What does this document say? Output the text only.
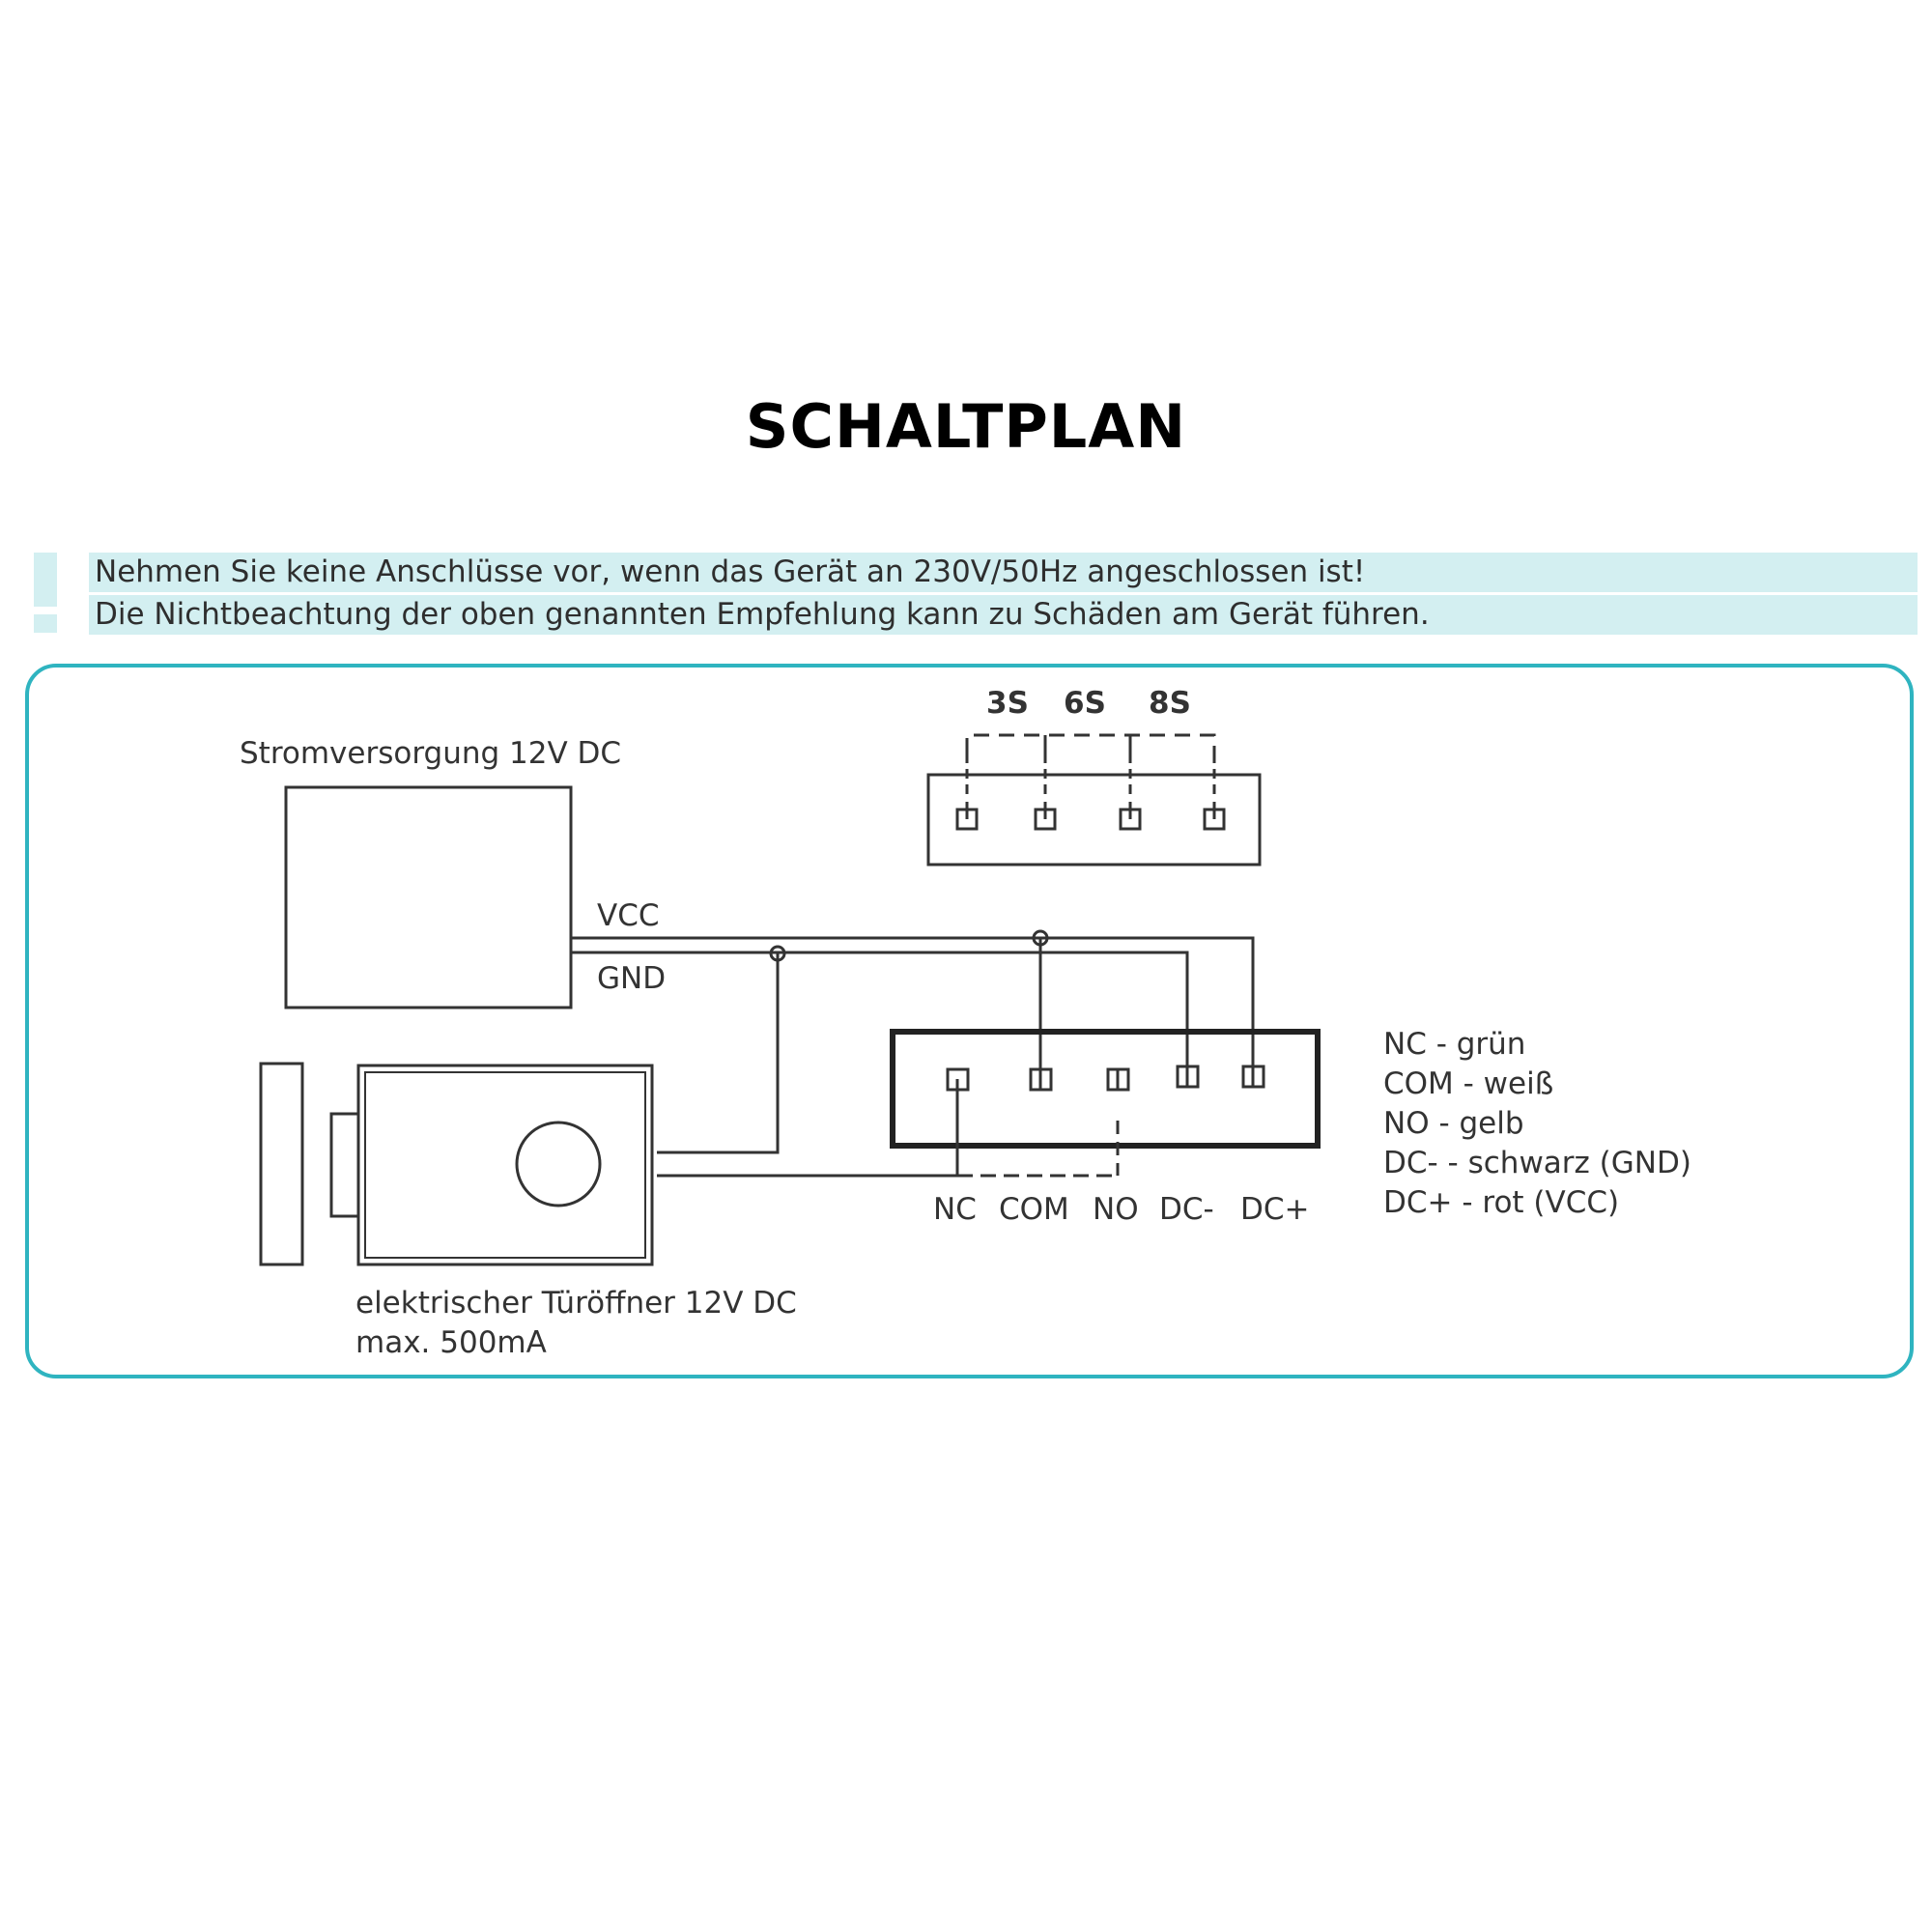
SCHALTPLAN
Nehmen Sie keine Anschlüsse vor, wenn das Gerät an 230V/50Hz angeschlossen ist!
Die Nichtbeachtung der oben genannten Empfehlung kann zu Schäden am Gerät führen.
Stromversorgung 12V DC
VCC
GND
3S 6S 8S
NC COM NO DC- DC+
elektrischer Türöffner 12V DC
max. 500mA
NC - grün
COM - weiß
NO - gelb
DC- - schwarz (GND)
DC+ - rot (VCC)
